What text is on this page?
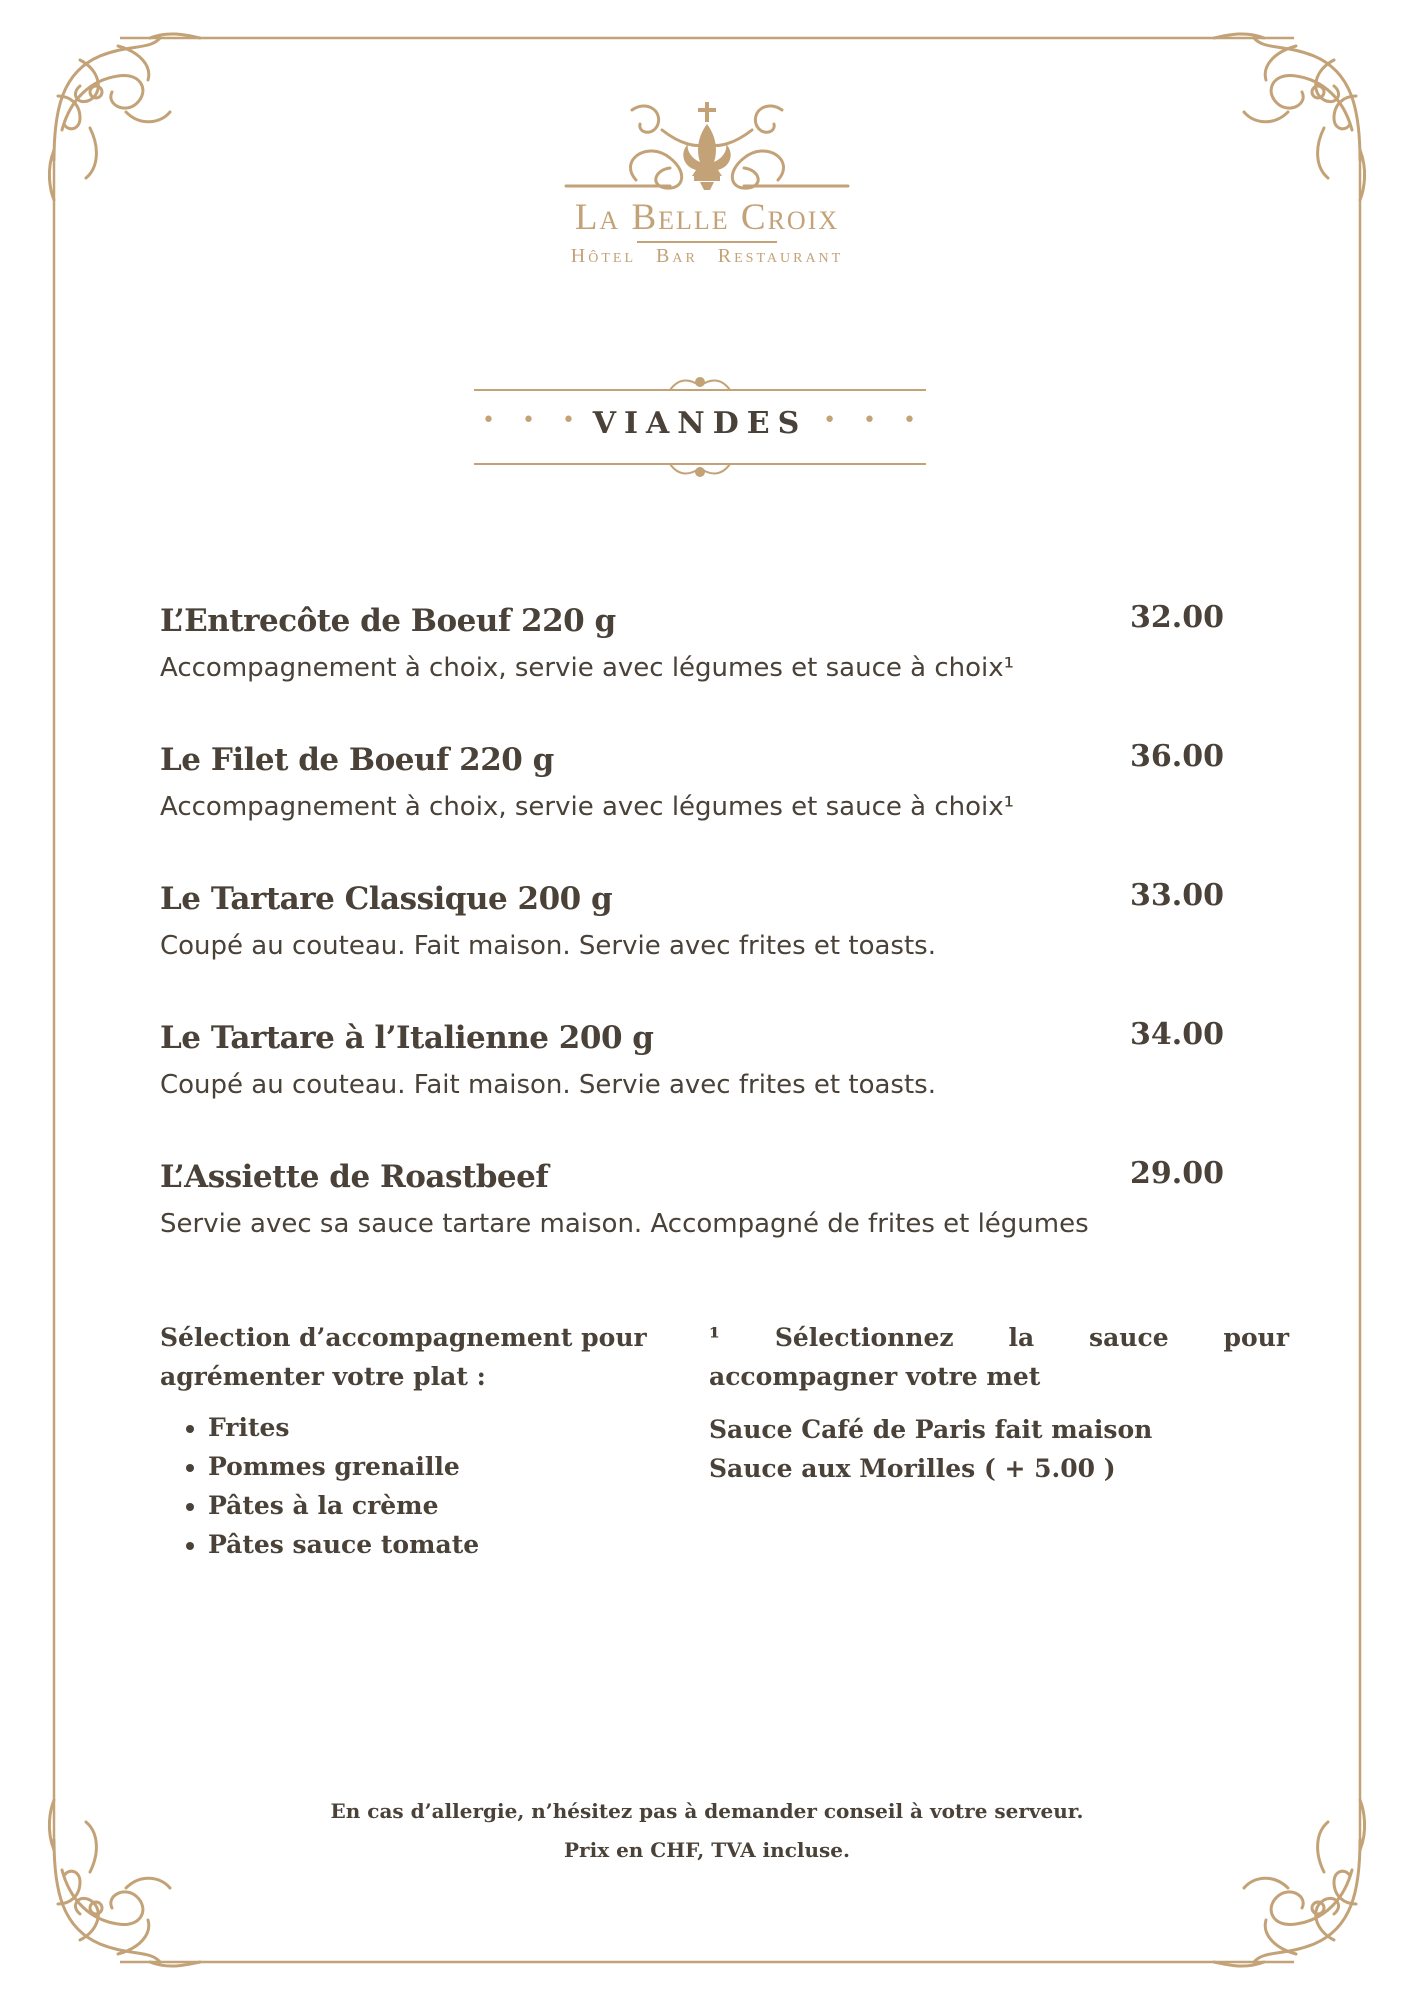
La Belle Croix
Hôtel Bar Restaurant
• • •	• • •
VIANDES
L’Entrecôte de Boeuf 220 g	32.00
Accompagnement à choix, servie avec légumes et sauce à choix¹
Le Filet de Boeuf 220 g	36.00
Accompagnement à choix, servie avec légumes et sauce à choix¹
Le Tartare Classique 200 g	33.00
Coupé au couteau. Fait maison. Servie avec frites et toasts.
Le Tartare à l’Italienne 200 g	34.00
Coupé au couteau. Fait maison. Servie avec frites et toasts.
L’Assiette de Roastbeef	29.00
Servie avec sa sauce tartare maison. Accompagné de frites et légumes

Sélection d’accompagnement pour agrémenter votre plat :

• Frites
• Pommes grenaille
• Pâtes à la crème
• Pâtes sauce tomate

¹ Sélectionnez la sauce pour accompagner votre met

Sauce Café de Paris fait maison
Sauce aux Morilles ( + 5.00 )
En cas d’allergie, n’hésitez pas à demander conseil à votre serveur.
Prix en CHF, TVA incluse.
